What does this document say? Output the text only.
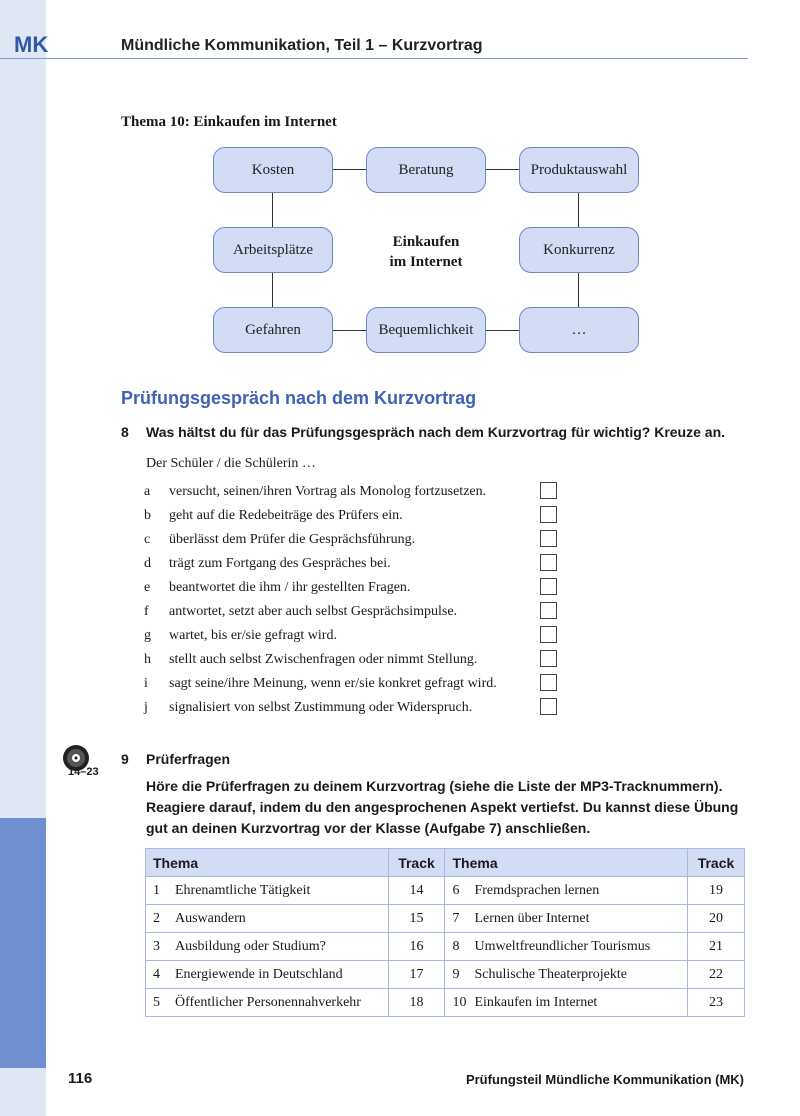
MK	Mündliche Kommunikation, Teil 1 – Kurzvortrag
Thema 10: Einkaufen im Internet
Kosten	Beratung	Produktauswahl
Arbeitsplätze	Konkurrenz
Gefahren	Bequemlichkeit	…
Einkaufen
im Internet
Prüfungsgespräch nach dem Kurzvortrag
8 Was hältst du für das Prüfungsgespräch nach dem Kurzvortrag für wichtig? Kreuze an.
Der Schüler / die Schülerin …
a versucht, seinen/ihren Vortrag als Monolog fortzusetzen.
b geht auf die Redebeiträge des Prüfers ein.
c überlässt dem Prüfer die Gesprächsführung.
d trägt zum Fortgang des Gespräches bei.
e beantwortet die ihm / ihr gestellten Fragen.
f antwortet, setzt aber auch selbst Gesprächsimpulse.
g wartet, bis er/sie gefragt wird.
h stellt auch selbst Zwischenfragen oder nimmt Stellung.
i sagt seine/ihre Meinung, wenn er/sie konkret gefragt wird.
j signalisiert von selbst Zustimmung oder Widerspruch.
14–23
9 Prüferfragen
Höre die Prüferfragen zu deinem Kurzvortrag (siehe die Liste der MP3-Tracknummern). Reagiere darauf, indem du den angesprochenen Aspekt vertiefst. Du kannst diese Übung gut an deinen Kurzvortrag vor der Klasse (Aufgabe 7) anschließen.
Thema	Track	Thema	Track
1 Ehrenamtliche Tätigkeit	14	6 Fremdsprachen lernen	19
2 Auswandern	15	7 Lernen über Internet	20
3 Ausbildung oder Studium?	16	8 Umweltfreundlicher Tourismus	21
4 Energiewende in Deutschland	17	9 Schulische Theaterprojekte	22
5 Öffentlicher Personennahverkehr	18	10 Einkaufen im Internet	23
116	Prüfungsteil Mündliche Kommunikation (MK)
